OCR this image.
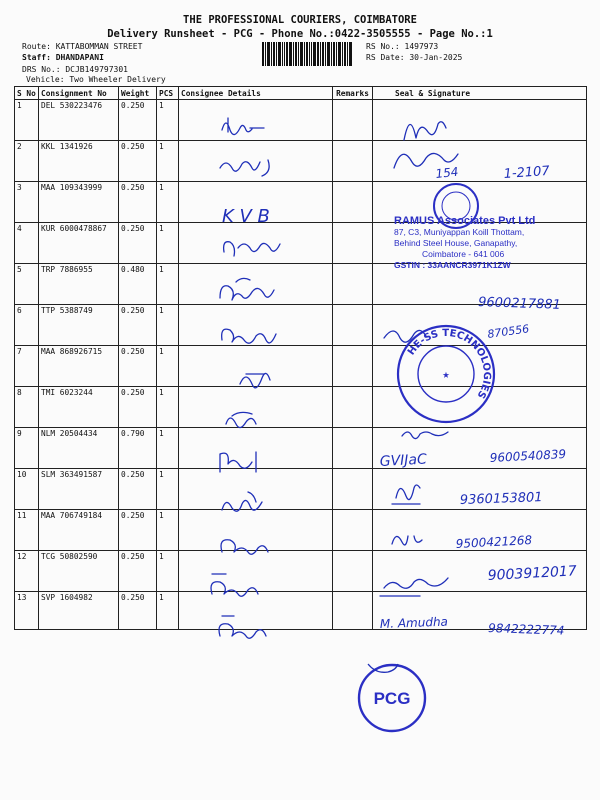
THE PROFESSIONAL COURIERS, COIMBATORE
Delivery Runsheet - PCG - Phone No.:0422-3505555 - Page No.:1
Route: KATTABOMMAN STREET
Staff: DHANDAPANI
DRS No.: DCJB149797301
Vehicle: Two Wheeler Delivery
RS No.: 1497973
RS Date: 30-Jan-2025
S No	Consignment No	Weight	PCS	Consignee Details	Remarks	Seal & Signature
1	DEL 530223476	0.250	1			
2	KKL 1341926	0.250	1			
3	MAA 109343999	0.250	1			
4	KUR 6000478867	0.250	1			
5	TRP 7886955	0.480	1			
6	TTP 5388749	0.250	1			
7	MAA 868926715	0.250	1			
8	TMI 6023244	0.250	1			
9	NLM 20504434	0.790	1			
10	SLM 363491587	0.250	1			
11	MAA 706749184	0.250	1			
12	TCG 50802590	0.250	1			
13	SVP 1604982	0.250	1			
K V B
154	1-2107
9600217881
870556
GVIJaC	9600540839
9360153801
9500421268
9003912017
M. Amudha	9842222774
RAMUS Associates Pvt Ltd
87, C3, Muniyappan Koill Thottam,
Behind Steel House, Ganapathy,
Coimbatore - 641 006
GSTIN : 33AANCR3971K1ZW
HE-SS TECHNOLOGIES
★
PCG
